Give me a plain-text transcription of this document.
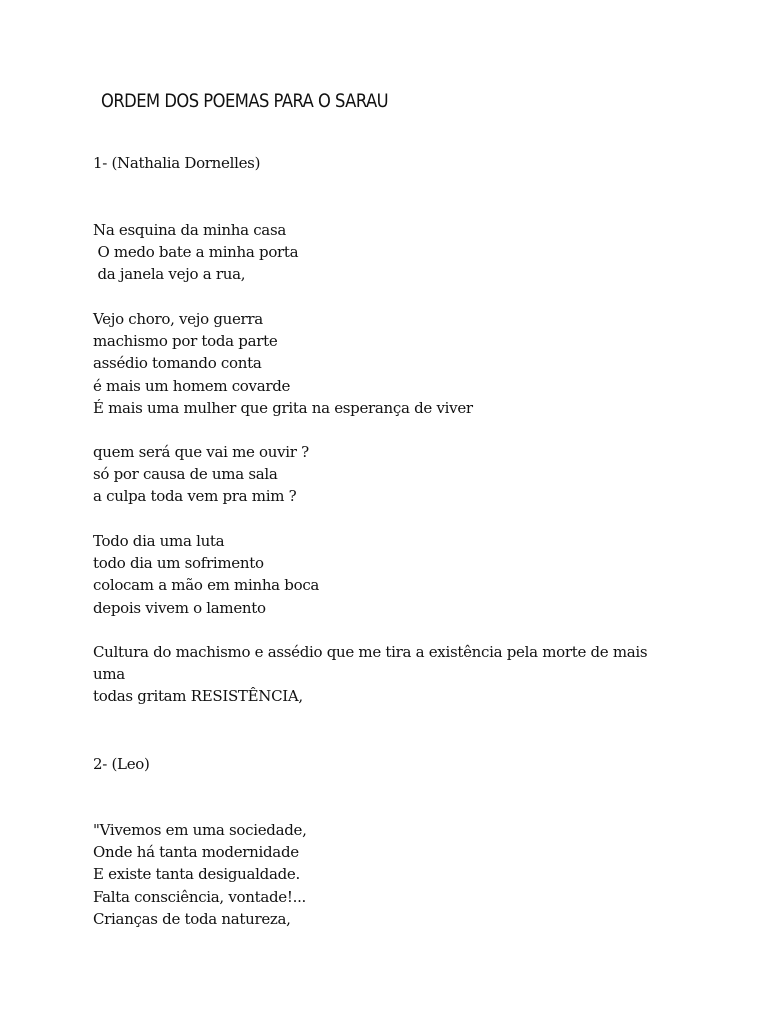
ORDEM DOS POEMAS PARA O SARAU
1- (Nathalia Dornelles)
Na esquina da minha casa
O medo bate a minha porta
da janela vejo a rua,
Vejo choro, vejo guerra
machismo por toda parte
assédio tomando conta
é mais um homem covarde
É mais uma mulher que grita na esperança de viver
quem será que vai me ouvir ?
só por causa de uma sala
a culpa toda vem pra mim ?
Todo dia uma luta
todo dia um sofrimento
colocam a mão em minha boca
depois vivem o lamento
Cultura do machismo e assédio que me tira a existência pela morte de mais uma
todas gritam RESISTÊNCIA,
2- (Leo)
"Vivemos em uma sociedade,
Onde há tanta modernidade
E existe tanta desigualdade.
Falta consciência, vontade!...
Crianças de toda natureza,
